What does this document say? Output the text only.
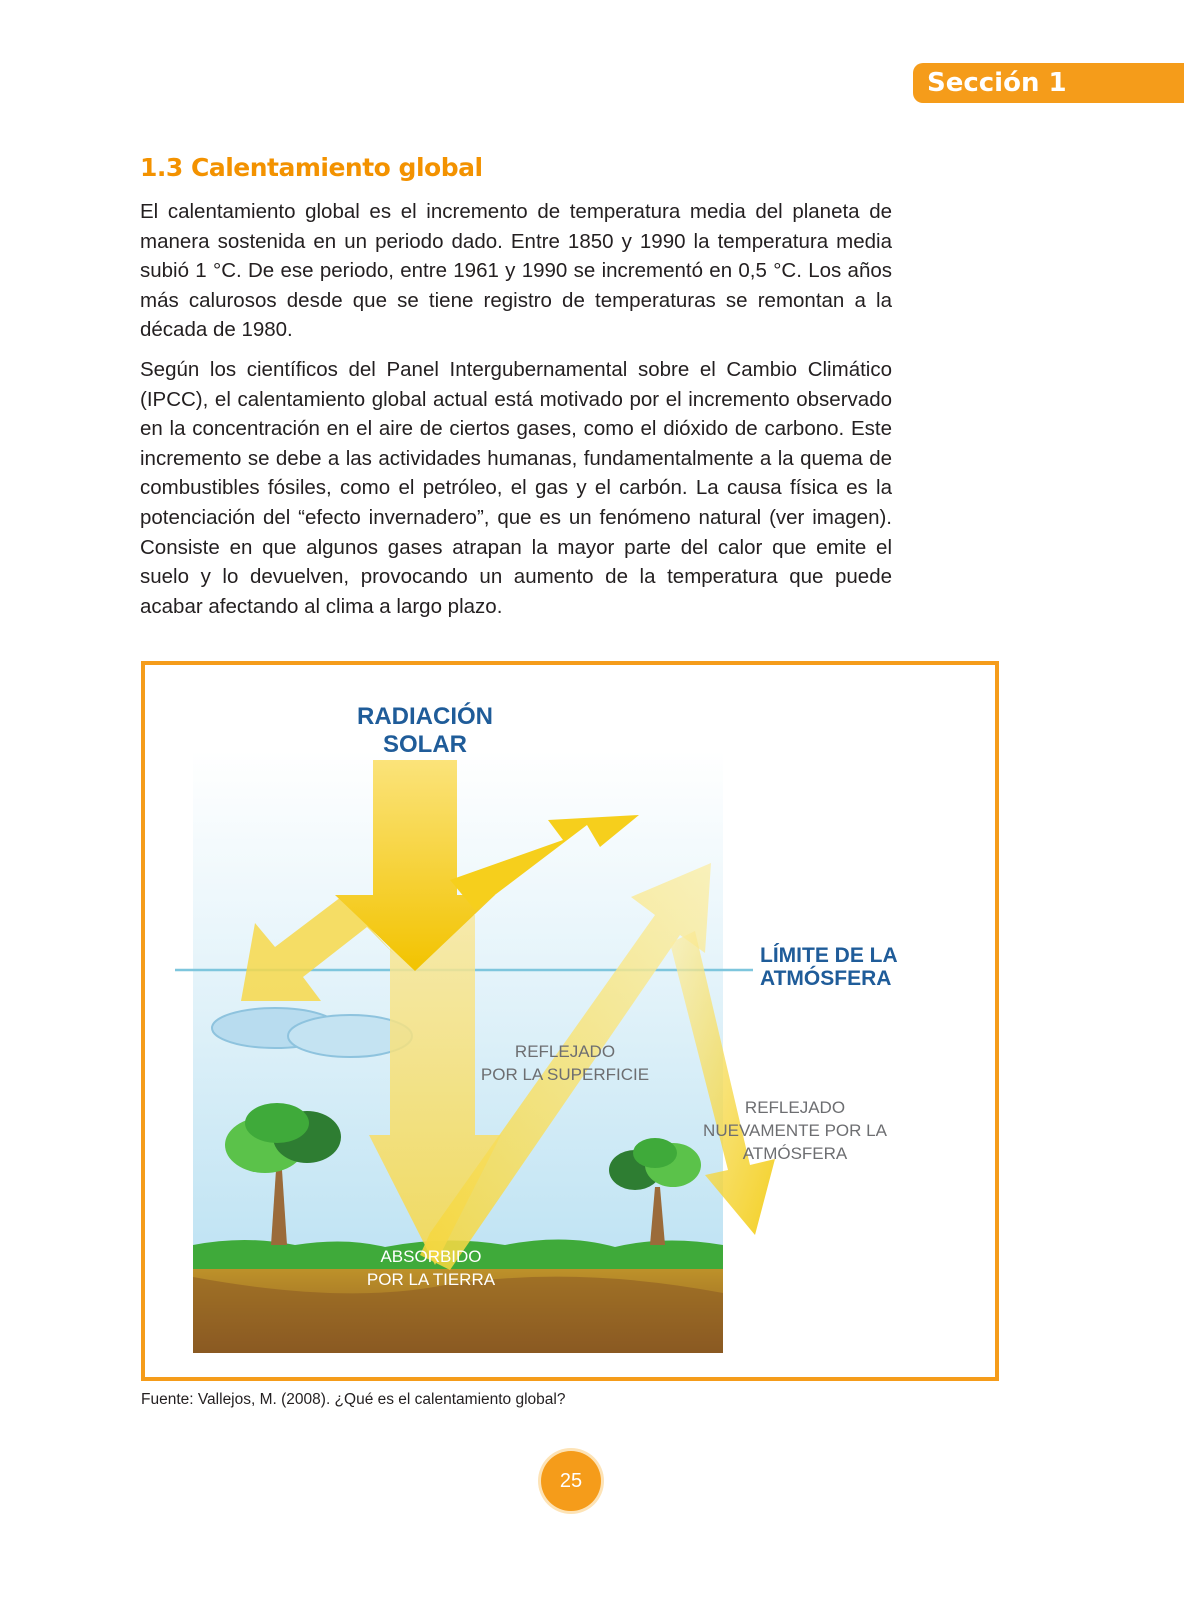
Sección 1
1.3 Calentamiento global

El calentamiento global es el incremento de temperatura media del planeta de manera sostenida en un periodo dado. Entre 1850 y 1990 la temperatura media subió 1 °C. De ese periodo, entre 1961 y 1990 se incrementó en 0,5 °C. Los años más calurosos desde que se tiene registro de temperaturas se remontan a la década de 1980.

Según los científicos del Panel Intergubernamental sobre el Cambio Climático (IPCC), el calentamiento global actual está motivado por el incremento observado en la concentración en el aire de ciertos gases, como el dióxido de carbono. Este incremento se debe a las actividades humanas, fundamentalmente a la quema de combustibles fósiles, como el petróleo, el gas y el carbón. La causa física es la potenciación del “efecto invernadero”, que es un fenómeno natural (ver imagen). Consiste en que algunos gases atrapan la mayor parte del calor que emite el suelo y lo devuelven, provocando un aumento de la temperatura que puede acabar afectando al clima a largo plazo.

RADIACIÓN
SOLAR
LÍMITE DE LA
ATMÓSFERA
REFLEJADO
POR LA SUPERFICIE
REFLEJADO
NUEVAMENTE POR LA
ATMÓSFERA
ABSORBIDO
POR LA TIERRA
Fuente: Vallejos, M. (2008). ¿Qué es el calentamiento global?
25
